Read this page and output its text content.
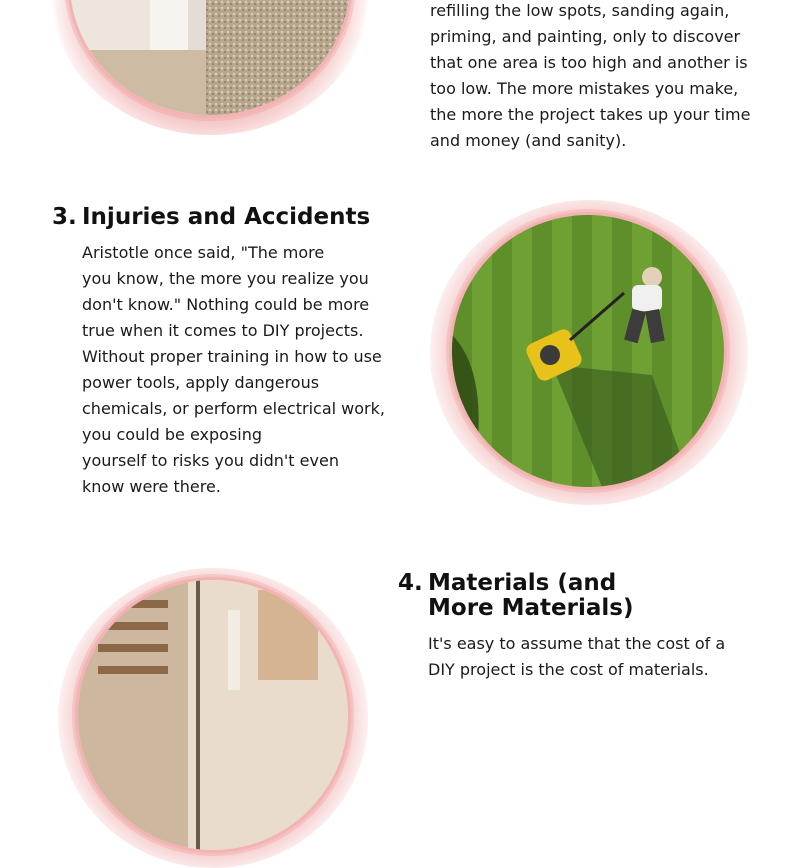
refilling the low spots, sanding again,
priming, and painting, only to discover
that one area is too high and another is
too low. The more mistakes you make,
the more the project takes up your time
and money (and sanity).
3. Injuries and Accidents
Aristotle once said, "The more
you know, the more you realize you
don't know." Nothing could be more
true when it comes to DIY projects.
Without proper training in how to use
power tools, apply dangerous
chemicals, or perform electrical work,
you could be exposing
yourself to risks you didn't even
know were there.
4. Materials (and
More Materials)
It's easy to assume that the cost of a
DIY project is the cost of materials.
